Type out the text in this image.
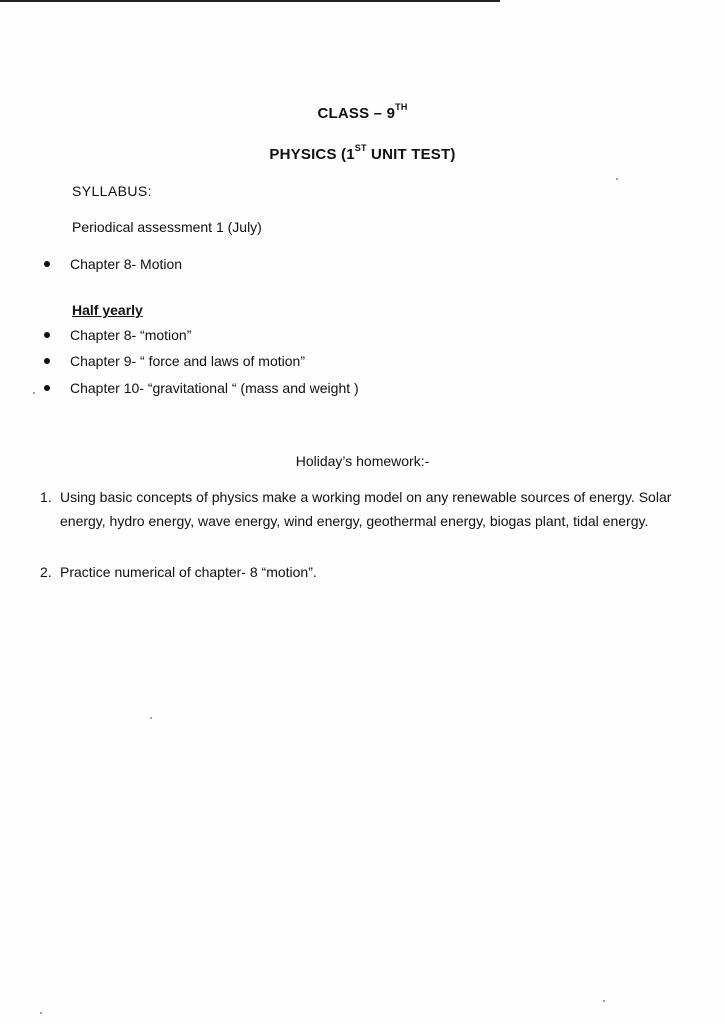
CLASS – 9TH
PHYSICS (1ST UNIT TEST)
SYLLABUS:
Periodical assessment 1 (July)
Chapter 8- Motion
Half yearly
Chapter 8- “motion”
Chapter 9- “ force and laws of motion”
Chapter 10- “gravitational “ (mass and weight )
Holiday’s homework:-
1. Using basic concepts of physics make a working model on any renewable sources of energy. Solar energy, hydro energy, wave energy, wind energy, geothermal energy, biogas plant, tidal energy.
2. Practice numerical of chapter- 8 “motion”.
